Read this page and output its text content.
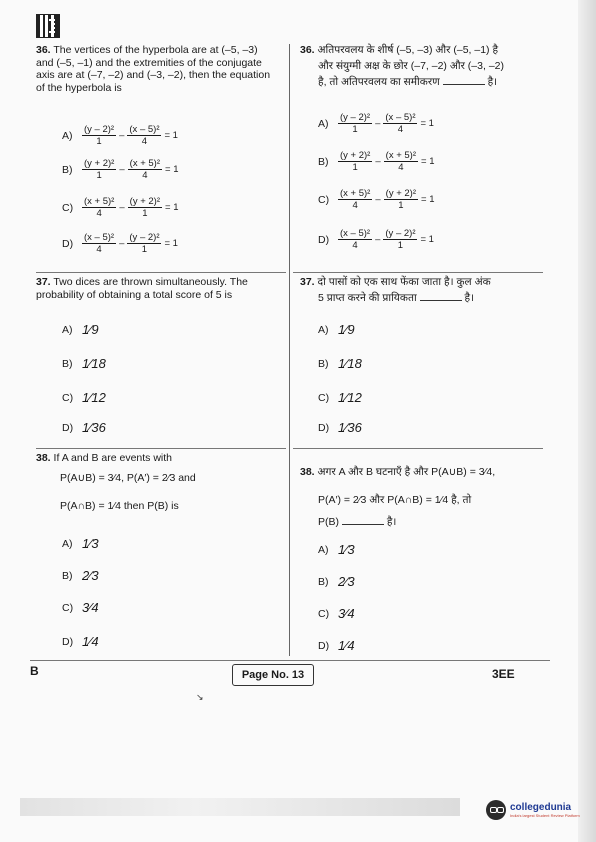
36. The vertices of the hyperbola are at (–5, –3) and (–5, –1) and the extremities of the conjugate axis are at (–7, –2) and (–3, –2), then the equation of the hyperbola is
A)	$\frac{\text{(y – 2)²}}{1} - \frac{\text{(x – 5)²}}{4} = 1$
B)	$\frac{\text{(y + 2)²}}{1} - \frac{\text{(x + 5)²}}{4} = 1$
$C) \frac{\text{(x + 5)²}}{4} - \frac{\text{(y + 2)²}}{1} = 1$
$D) \frac{\text{(x – 5)²}}{4} - \frac{\text{(y – 2)²}}{1} = 1$
37. Two dices are thrown simultaneously. The probability of obtaining a total score of 5 is
A) 1⁄9
B) 1⁄18
C) 1⁄12
D) 1⁄36
38. If A and B are events with
P(A∪B) = 3⁄4, P(A′) = 2⁄3 and
P(A∩B) = 1⁄4 then P(B) is
A) 1⁄3
B) 2⁄3
C) 3⁄4
D) 1⁄4
36. अतिपरवलय के शीर्ष (–5, –3) और (–5, –1) है
और संयुग्मी अक्ष के छोर (–7, –2) और (–3, –2)
है, तो अतिपरवलय का समीकरण	है।
A)	$\frac{\text{(y – 2)²}}{1} - \frac{\text{(x – 5)²}}{4} = 1$
B)	$\frac{\text{(y + 2)²}}{1} - \frac{\text{(x + 5)²}}{4} = 1$
$C) \frac{\text{(x + 5)²}}{4} - \frac{\text{(y + 2)²}}{1} = 1$
$D) \frac{\text{(x – 5)²}}{4} - \frac{\text{(y – 2)²}}{1} = 1$
37. दो पासों को एक साथ फेंका जाता है। कुल अंक
5 प्राप्त करने की प्रायिकता	है।
A) 1⁄9
B) 1⁄18
C) 1⁄12
D) 1⁄36
38. अगर A और B घटनाएँ है और P(A∪B) = 3⁄4,
P(A′) = 2⁄3 और P(A∩B) = 1⁄4 है, तो
P(B)	है।
A) 1⁄3
B) 2⁄3
C) 3⁄4
D) 1⁄4
B	Page No. 13	3EE
↘
collegedunia
India's largest Student Review Platform
